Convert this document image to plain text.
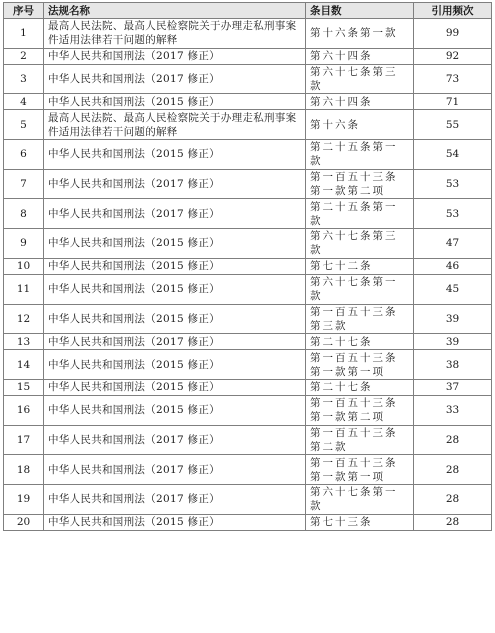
序号	法规名称	条目数	引用频次
1	最高人民法院、最高人民检察院关于办理走私刑事案件适用法律若干问题的解释	第十六条第一款	99
2	中华人民共和国刑法（2017 修正）	第六十四条	92
3	中华人民共和国刑法（2017 修正）	第六十七条第三款	73
4	中华人民共和国刑法（2015 修正）	第六十四条	71
5	最高人民法院、最高人民检察院关于办理走私刑事案件适用法律若干问题的解释	第十六条	55
6	中华人民共和国刑法（2015 修正）	第二十五条第一款	54
7	中华人民共和国刑法（2017 修正）	第一百五十三条第一款第二项	53
8	中华人民共和国刑法（2017 修正）	第二十五条第一款	53
9	中华人民共和国刑法（2015 修正）	第六十七条第三款	47
10	中华人民共和国刑法（2015 修正）	第七十二条	46
11	中华人民共和国刑法（2015 修正）	第六十七条第一款	45
12	中华人民共和国刑法（2015 修正）	第一百五十三条第三款	39
13	中华人民共和国刑法（2017 修正）	第二十七条	39
14	中华人民共和国刑法（2015 修正）	第一百五十三条第一款第一项	38
15	中华人民共和国刑法（2015 修正）	第二十七条	37
16	中华人民共和国刑法（2015 修正）	第一百五十三条第一款第二项	33
17	中华人民共和国刑法（2017 修正）	第一百五十三条第二款	28
18	中华人民共和国刑法（2017 修正）	第一百五十三条第一款第一项	28
19	中华人民共和国刑法（2017 修正）	第六十七条第一款	28
20	中华人民共和国刑法（2015 修正）	第七十三条	28
